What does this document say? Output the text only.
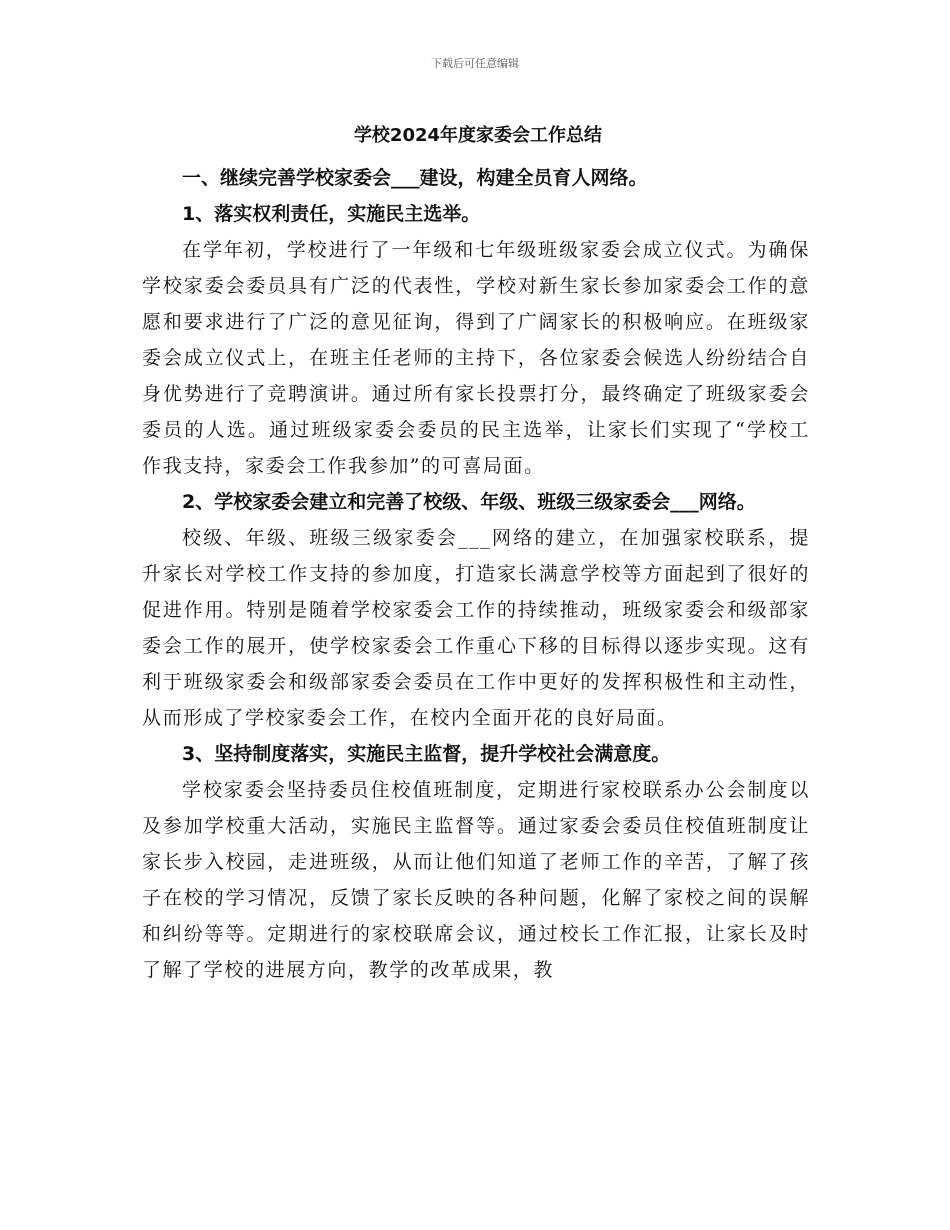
下载后可任意编辑
学校2024年度家委会工作总结

一、继续完善学校家委会___建设，构建全员育人网络。

1、落实权利责任，实施民主选举。

在学年初，学校进行了一年级和七年级班级家委会成立仪式。为确保学校家委会委员具有广泛的代表性，学校对新生家长参加家委会工作的意愿和要求进行了广泛的意见征询，得到了广阔家长的积极响应。在班级家委会成立仪式上，在班主任老师的主持下，各位家委会候选人纷纷结合自身优势进行了竞聘演讲。通过所有家长投票打分，最终确定了班级家委会委员的人选。通过班级家委会委员的民主选举，让家长们实现了“学校工作我支持，家委会工作我参加”的可喜局面。

2、学校家委会建立和完善了校级、年级、班级三级家委会___网络。

校级、年级、班级三级家委会___网络的建立，在加强家校联系，提升家长对学校工作支持的参加度，打造家长满意学校等方面起到了很好的促进作用。特别是随着学校家委会工作的持续推动，班级家委会和级部家委会工作的展开，使学校家委会工作重心下移的目标得以逐步实现。这有利于班级家委会和级部家委会委员在工作中更好的发挥积极性和主动性，从而形成了学校家委会工作，在校内全面开花的良好局面。

3、坚持制度落实，实施民主监督，提升学校社会满意度。

学校家委会坚持委员住校值班制度，定期进行家校联系办公会制度以及参加学校重大活动，实施民主监督等。通过家委会委员住校值班制度让家长步入校园，走进班级，从而让他们知道了老师工作的辛苦，了解了孩子在校的学习情况，反馈了家长反映的各种问题，化解了家校之间的误解和纠纷等等。定期进行的家校联席会议，通过校长工作汇报，让家长及时了解了学校的进展方向，教学的改革成果，教
